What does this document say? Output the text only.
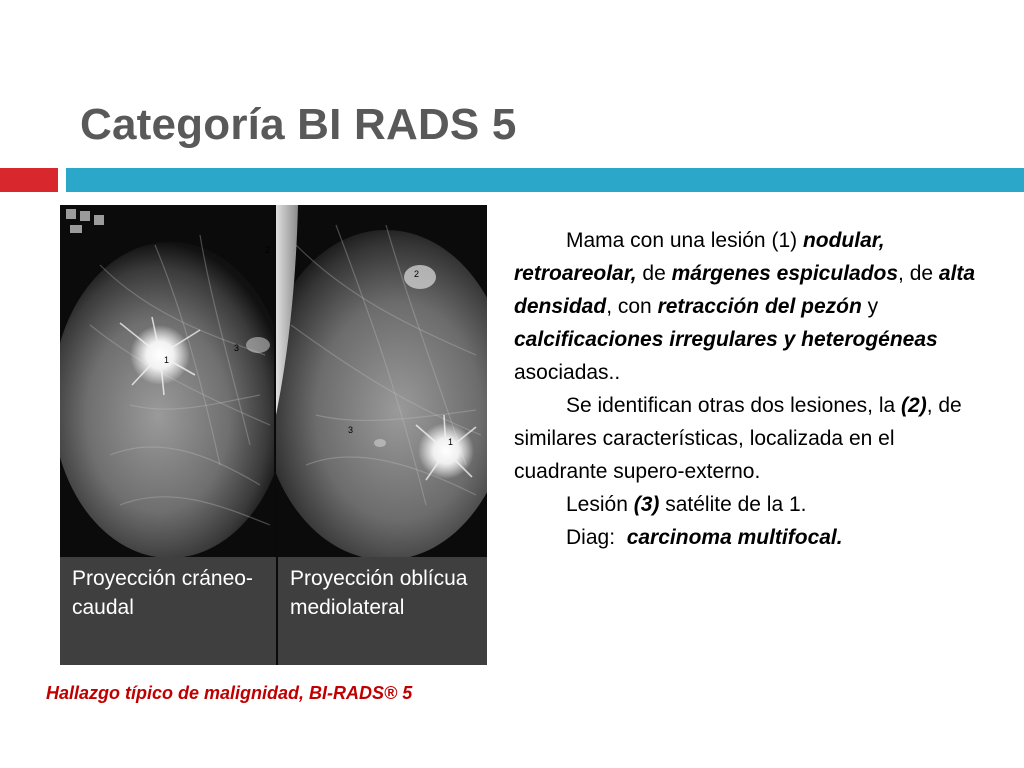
Categoría BI RADS 5
1
2
3
1
2
3
Proyección cráneo-caudal
Proyección oblícua mediolateral
Hallazgo típico de malignidad, BI-RADS® 5

Mama con una lesión (1) nodular, retroareolar, de márgenes espiculados, de alta densidad, con retracción del pezón y calcificaciones irregulares y heterogéneas asociadas..

Se identifican otras dos lesiones, la (2), de similares características, localizada en el cuadrante supero-externo.

Lesión (3) satélite de la 1.

Diag:  carcinoma multifocal.
